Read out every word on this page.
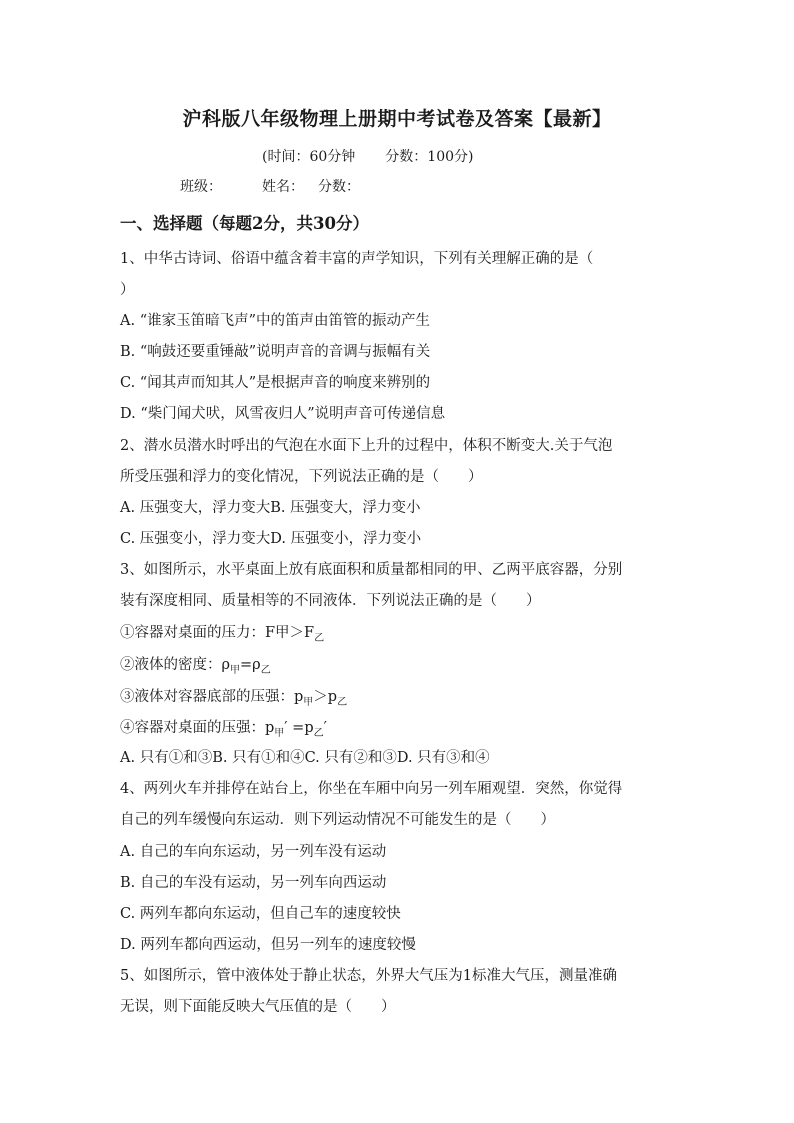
沪科版八年级物理上册期中考试卷及答案【最新】
(时间：60分钟 分数：100分)
班级：	姓名： 分数：
一、选择题（每题2分，共30分）
1、中华古诗词、俗语中蕴含着丰富的声学知识，下列有关理解正确的是（
）
A. “谁家玉笛暗飞声”中的笛声由笛管的振动产生
B. “响鼓还要重锤敲”说明声音的音调与振幅有关
C. “闻其声而知其人”是根据声音的响度来辨别的
D. “柴门闻犬吠，风雪夜归人”说明声音可传递信息
2、潜水员潜水时呼出的气泡在水面下上升的过程中，体积不断变大.关于气泡
所受压强和浮力的变化情况，下列说法正确的是（　　）
A. 压强变大，浮力变大B. 压强变大，浮力变小
C. 压强变小，浮力变大D. 压强变小，浮力变小
3、如图所示，水平桌面上放有底面积和质量都相同的甲、乙两平底容器，分别
装有深度相同、质量相等的不同液体．下列说法正确的是（　　）
①容器对桌面的压力：F甲$>F_乙$
②液体的密度：$\rho_甲=\rho_乙$
③液体对容器底部的压强：$p_甲>p_乙$
④容器对桌面的压强：$p_甲' =p_乙'$
A. 只有①和③B. 只有①和④C. 只有②和③D. 只有③和④
4、两列火车并排停在站台上，你坐在车厢中向另一列车厢观望．突然，你觉得
自己的列车缓慢向东运动．则下列运动情况不可能发生的是（　　）
A. 自己的车向东运动，另一列车没有运动
B. 自己的车没有运动，另一列车向西运动
C. 两列车都向东运动，但自己车的速度较快
D. 两列车都向西运动，但另一列车的速度较慢
5、如图所示，管中液体处于静止状态，外界大气压为1标准大气压，测量准确
无误，则下面能反映大气压值的是（　　）
